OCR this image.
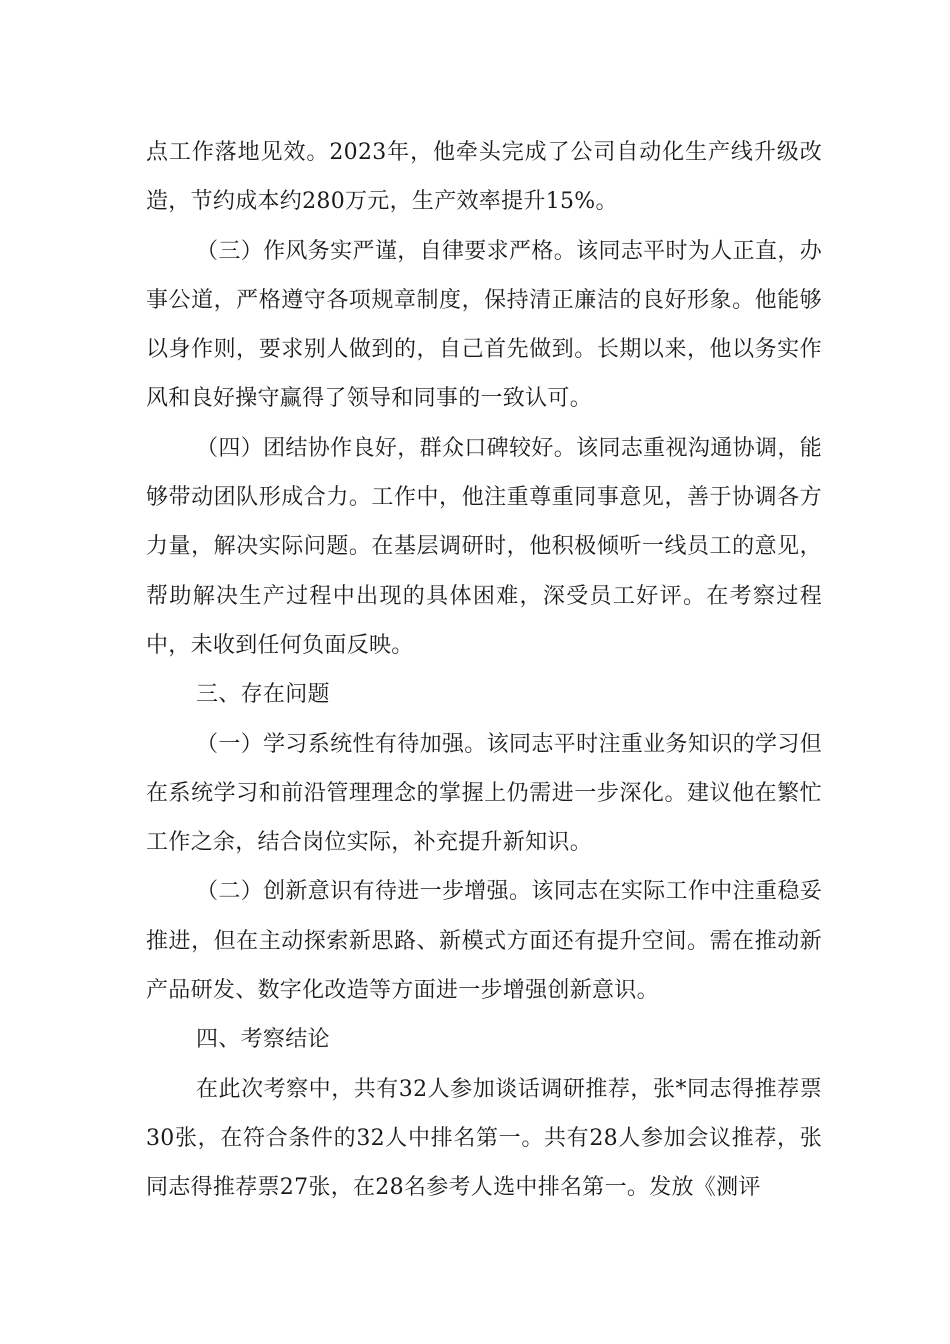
点工作落地见效。2023年，他牵头完成了公司自动化生产线升级改造，节约成本约280万元，生产效率提升15%。

（三）作风务实严谨，自律要求严格。该同志平时为人正直，办事公道，严格遵守各项规章制度，保持清正廉洁的良好形象。他能够以身作则，要求别人做到的，自己首先做到。长期以来，他以务实作风和良好操守赢得了领导和同事的一致认可。

（四）团结协作良好，群众口碑较好。该同志重视沟通协调，能够带动团队形成合力。工作中，他注重尊重同事意见，善于协调各方力量，解决实际问题。在基层调研时，他积极倾听一线员工的意见，帮助解决生产过程中出现的具体困难，深受员工好评。在考察过程中，未收到任何负面反映。

三、存在问题

（一）学习系统性有待加强。该同志平时注重业务知识的学习但在系统学习和前沿管理理念的掌握上仍需进一步深化。建议他在繁忙工作之余，结合岗位实际，补充提升新知识。

（二）创新意识有待进一步增强。该同志在实际工作中注重稳妥推进，但在主动探索新思路、新模式方面还有提升空间。需在推动新产品研发、数字化改造等方面进一步增强创新意识。

四、考察结论

在此次考察中，共有32人参加谈话调研推荐，张*同志得推荐票30张，在符合条件的32人中排名第一。共有28人参加会议推荐，张同志得推荐票27张，在28名参考人选中排名第一。发放《测评
